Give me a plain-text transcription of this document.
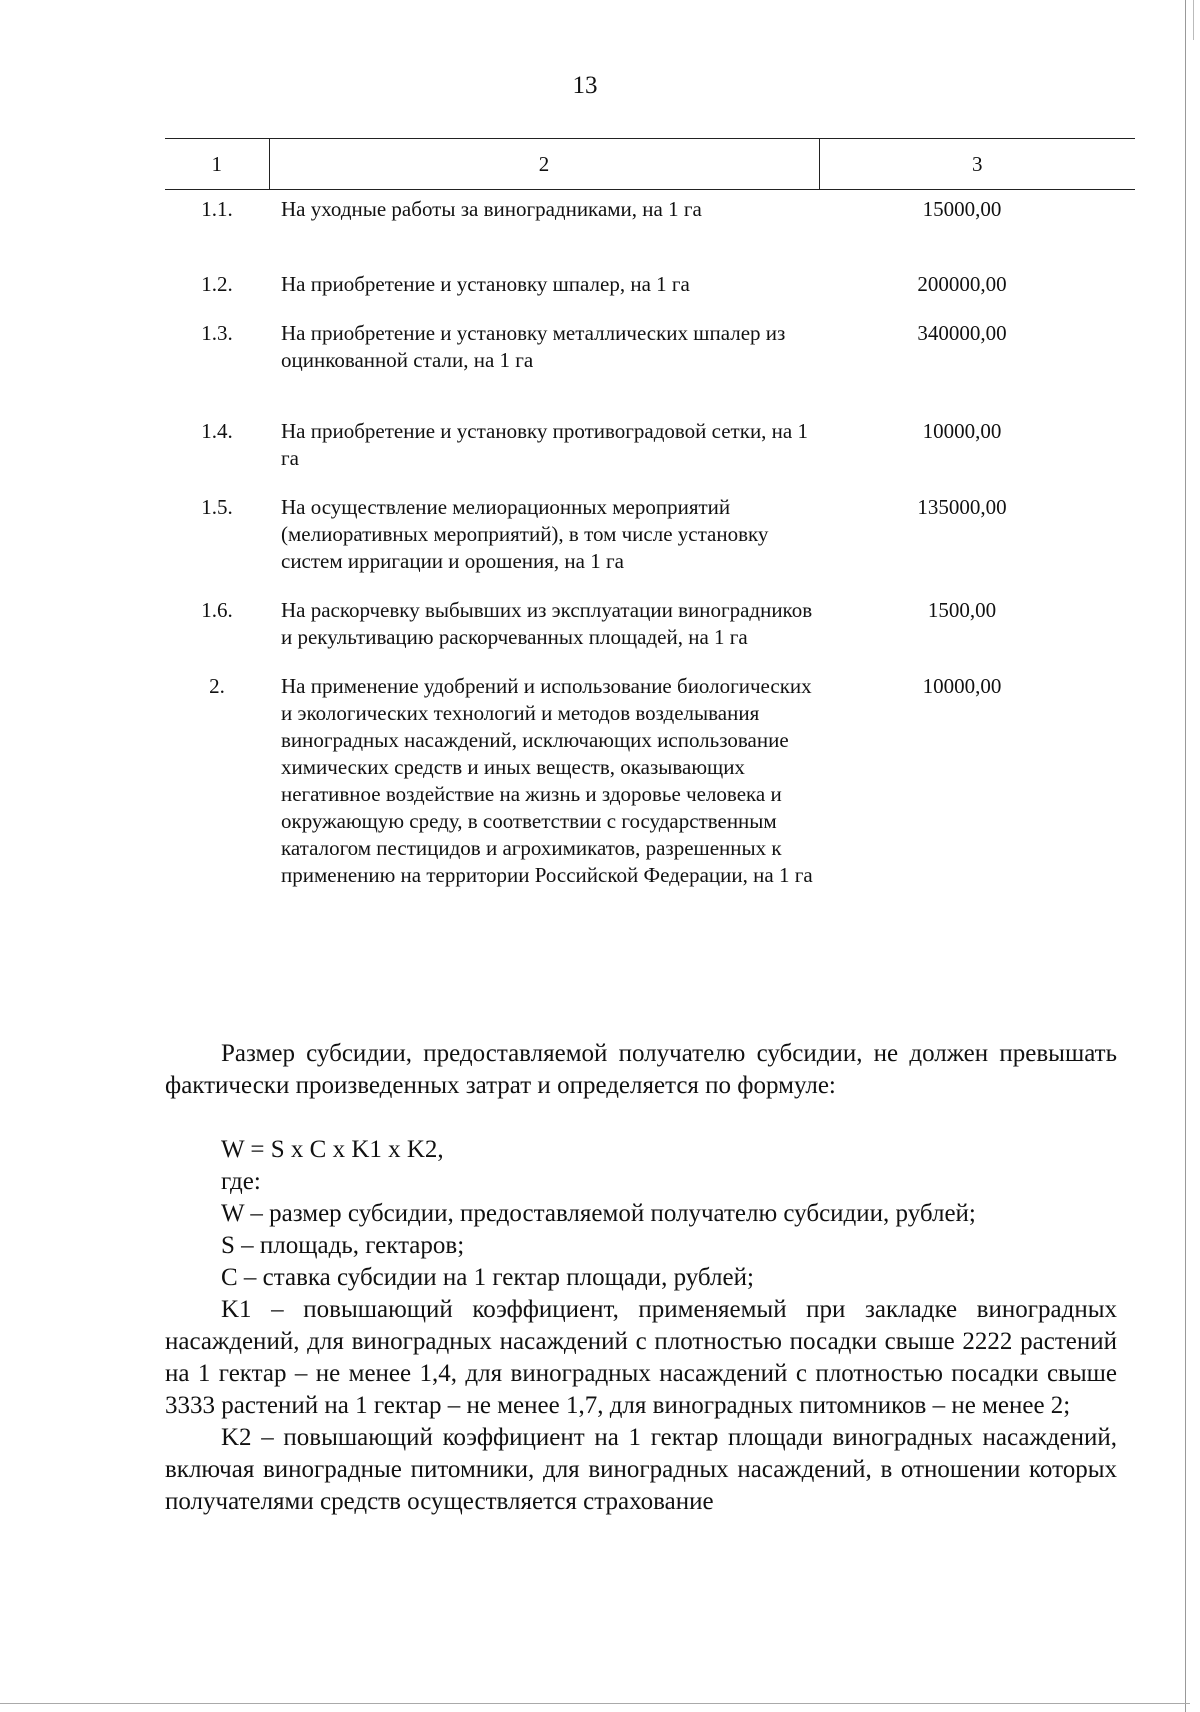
13
1	2	3
1.1.	На уходные работы за виноградниками, на 1 га	15000,00
1.2.	На приобретение и установку шпалер, на 1 га	200000,00
1.3.	На приобретение и установку металлических шпалер из оцинкованной стали, на 1 га	340000,00
1.4.	На приобретение и установку противоградовой сетки, на 1 га	10000,00
1.5.	На осуществление мелиорационных мероприятий (мелиоративных мероприятий), в том числе установку систем ирригации и орошения, на 1 га	135000,00
1.6.	На раскорчевку выбывших из эксплуатации виноградников и рекультивацию раскорчеванных площадей, на 1 га	1500,00
2.	На применение удобрений и использование биологических и экологических технологий и методов возделывания виноградных насаждений, исключающих использование химических средств и иных веществ, оказывающих негативное воздействие на жизнь и здоровье человека и окружающую среду, в соответствии с государственным каталогом пестицидов и агрохимикатов, разрешенных к применению на территории Российской Федерации, на 1 га	10000,00

Размер субсидии, предоставляемой получателю субсидии, не должен превышать фактически произведенных затрат и определяется по формуле:

W = S x C x K1 x K2,
где:
W – размер субсидии, предоставляемой получателю субсидии, рублей;
S – площадь, гектаров;
C – ставка субсидии на 1 гектар площади, рублей;

K1 – повышающий коэффициент, применяемый при закладке виноградных насаждений, для виноградных насаждений с плотностью посадки свыше 2222 растений на 1 гектар – не менее 1,4, для виноградных насаждений с плотностью посадки свыше 3333 растений на 1 гектар – не менее 1,7, для виноградных питомников – не менее 2;

K2 – повышающий коэффициент на 1 гектар площади виноградных насаждений, включая виноградные питомники, для виноградных насаждений, в отношении которых получателями средств осуществляется страхование
